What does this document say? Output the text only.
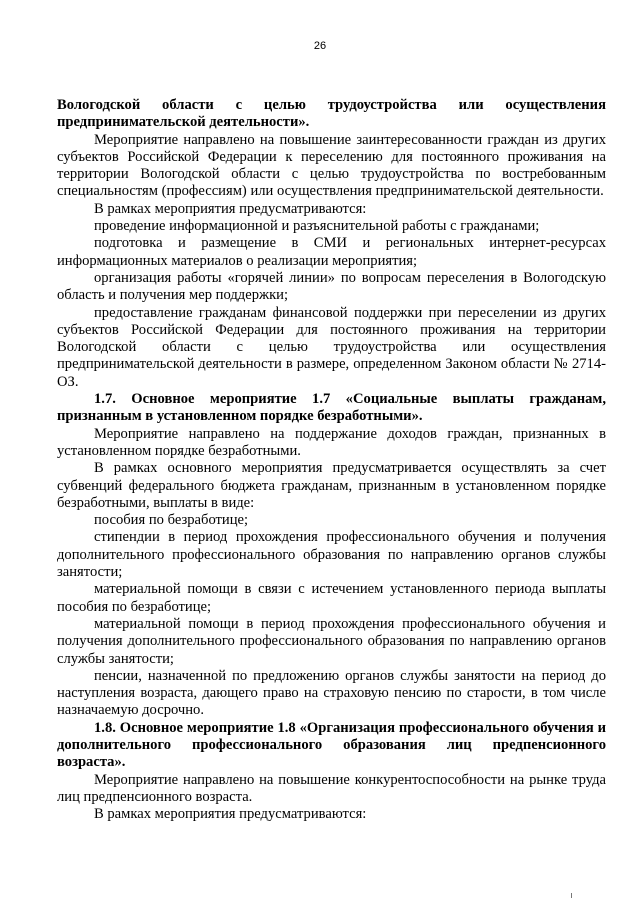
26

Вологодской области с целью трудоустройства или осуществления предпринимательской деятельности».

Мероприятие направлено на повышение заинтересованности граждан из других субъектов Российской Федерации к переселению для постоянного проживания на территории Вологодской области с целью трудоустройства по востребованным специальностям (профессиям) или осуществления предпринимательской деятельности.

В рамках мероприятия предусматриваются:

проведение информационной и разъяснительной работы с гражданами;

подготовка и размещение в СМИ и региональных интернет-ресурсах информационных материалов о реализации мероприятия;

организация работы «горячей линии» по вопросам переселения в Вологодскую область и получения мер поддержки;

предоставление гражданам финансовой поддержки при переселении из других субъектов Российской Федерации для постоянного проживания на территории Вологодской области с целью трудоустройства или осуществления предпринимательской деятельности в размере, определенном Законом области № 2714-ОЗ.

1.7. Основное мероприятие 1.7 «Социальные выплаты гражданам, признанным в установленном порядке безработными».

Мероприятие направлено на поддержание доходов граждан, признанных в установленном порядке безработными.

В рамках основного мероприятия предусматривается осуществлять за счет субвенций федерального бюджета гражданам, признанным в установленном порядке безработными, выплаты в виде:

пособия по безработице;

стипендии в период прохождения профессионального обучения и получения дополнительного профессионального образования по направлению органов службы занятости;

материальной помощи в связи с истечением установленного периода выплаты пособия по безработице;

материальной помощи в период прохождения профессионального обучения и получения дополнительного профессионального образования по направлению органов службы занятости;

пенсии, назначенной по предложению органов службы занятости на период до наступления возраста, дающего право на страховую пенсию по старости, в том числе назначаемую досрочно.

1.8. Основное мероприятие 1.8 «Организация профессионального обучения и дополнительного профессионального образования лиц предпенсионного возраста».

Мероприятие направлено на повышение конкурентоспособности на рынке труда лиц предпенсионного возраста.

В рамках мероприятия предусматриваются:
